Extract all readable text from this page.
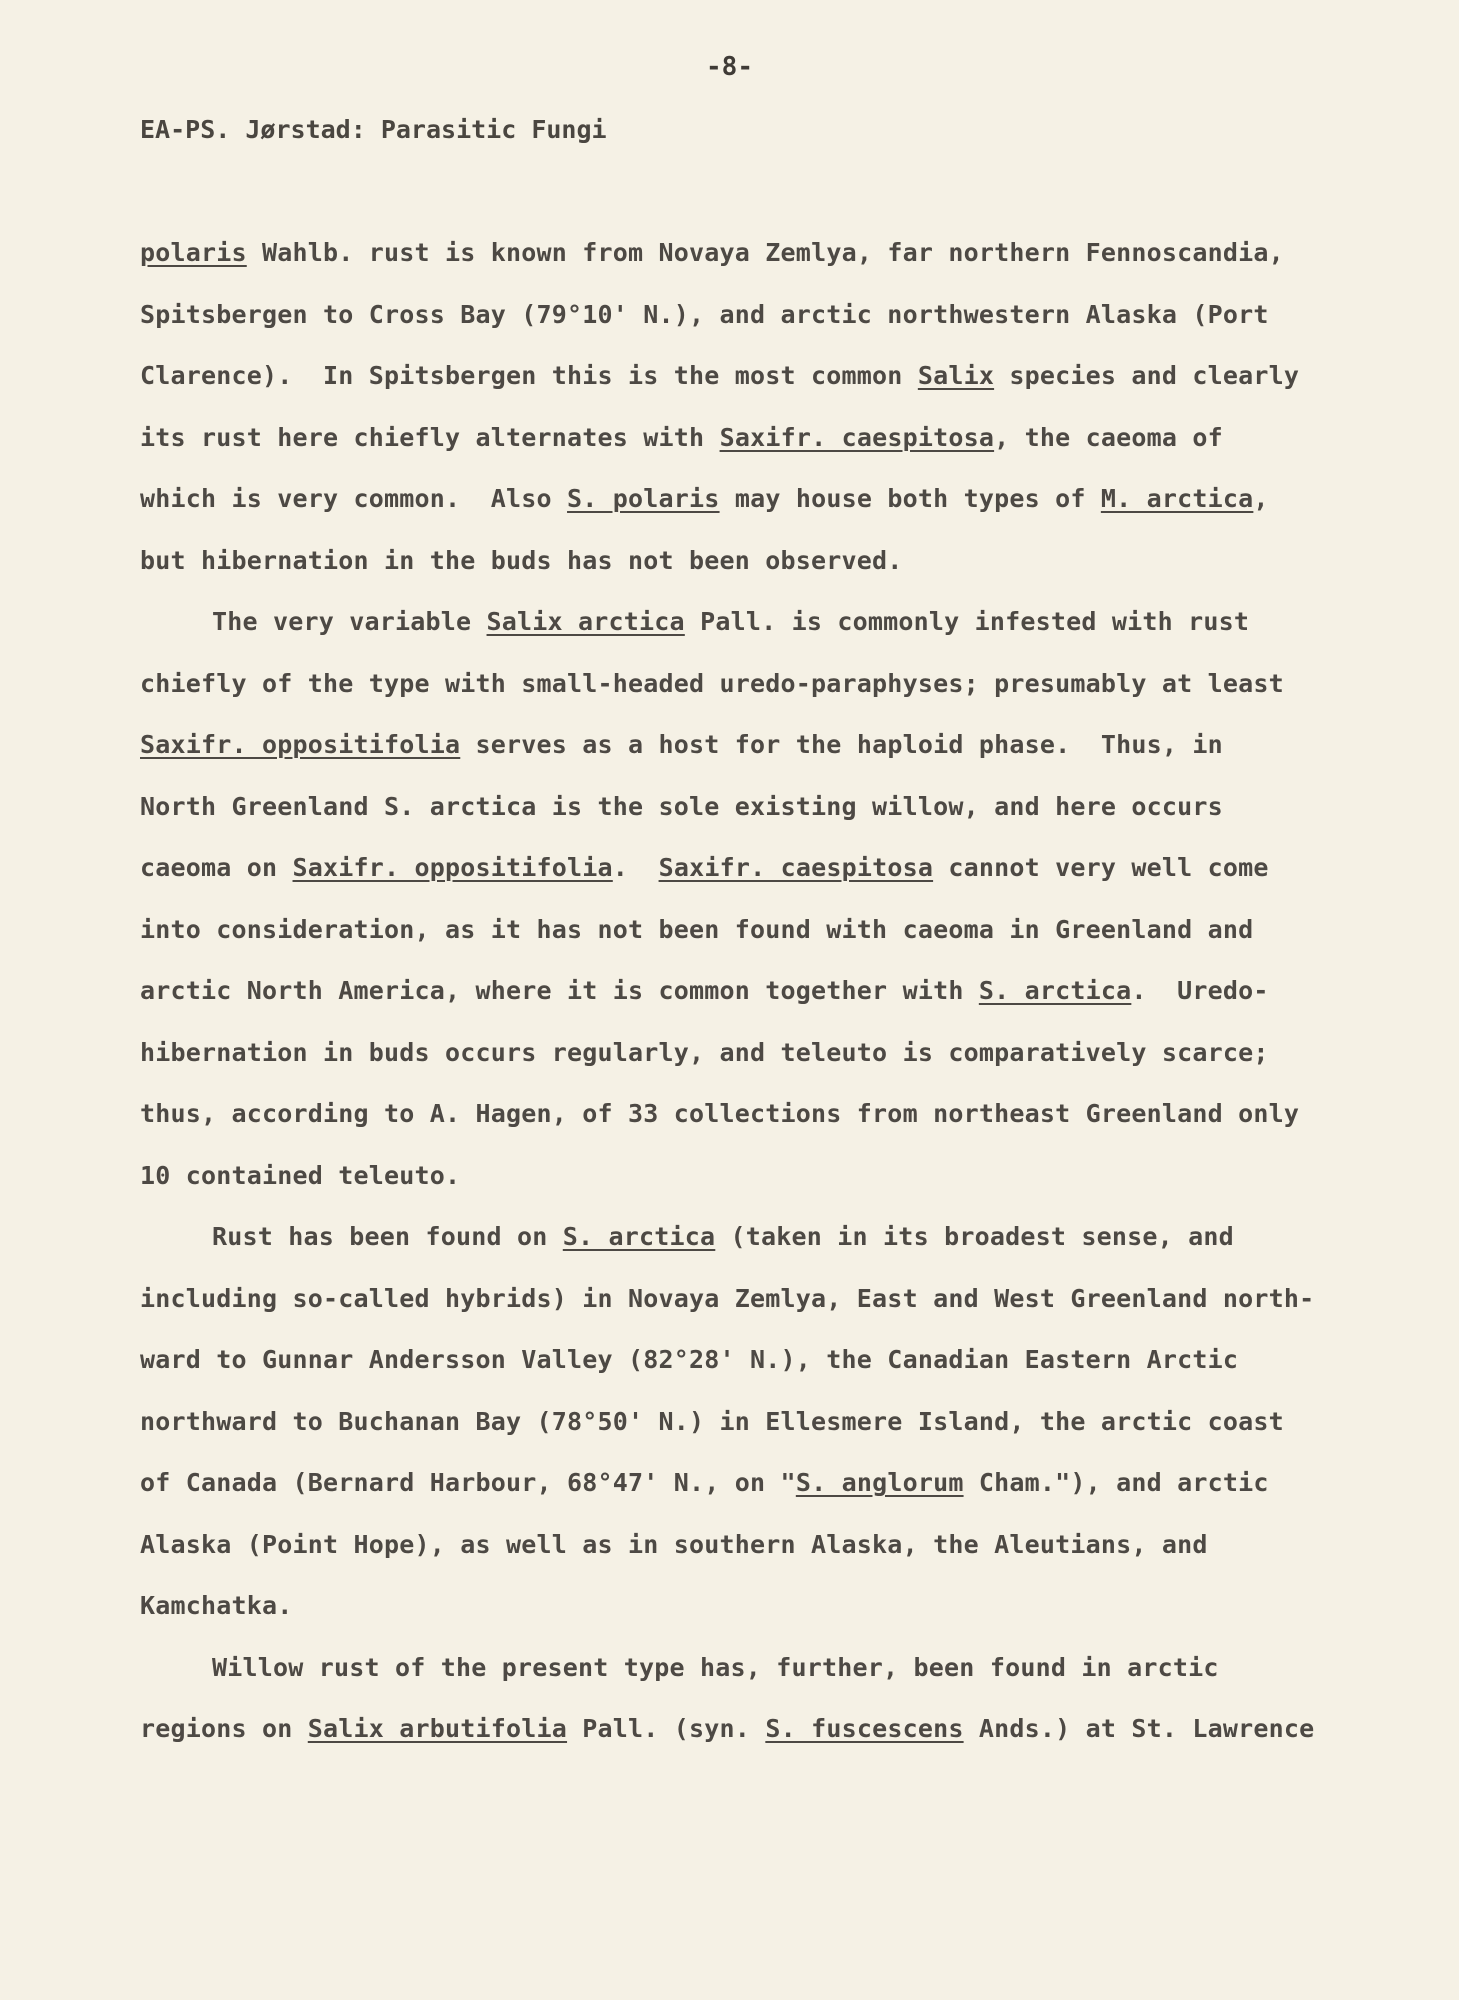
-8-
EA-PS. Jørstad: Parasitic Fungi
polaris Wahlb. rust is known from Novaya Zemlya, far northern Fennoscandia,
Spitsbergen to Cross Bay (79°10' N.), and arctic northwestern Alaska (Port
Clarence).  In Spitsbergen this is the most common Salix species and clearly
its rust here chiefly alternates with Saxifr. caespitosa, the caeoma of
which is very common.  Also S. polaris may house both types of M. arctica,
but hibernation in the buds has not been observed.
The very variable Salix arctica Pall. is commonly infested with rust
chiefly of the type with small-headed uredo-paraphyses; presumably at least
Saxifr. oppositifolia serves as a host for the haploid phase.  Thus, in
North Greenland S. arctica is the sole existing willow, and here occurs
caeoma on Saxifr. oppositifolia.  Saxifr. caespitosa cannot very well come
into consideration, as it has not been found with caeoma in Greenland and
arctic North America, where it is common together with S. arctica.  Uredo-
hibernation in buds occurs regularly, and teleuto is comparatively scarce;
thus, according to A. Hagen, of 33 collections from northeast Greenland only
10 contained teleuto.
Rust has been found on S. arctica (taken in its broadest sense, and
including so-called hybrids) in Novaya Zemlya, East and West Greenland north-
ward to Gunnar Andersson Valley (82°28' N.), the Canadian Eastern Arctic
northward to Buchanan Bay (78°50' N.) in Ellesmere Island, the arctic coast
of Canada (Bernard Harbour, 68°47' N., on "S. anglorum Cham."), and arctic
Alaska (Point Hope), as well as in southern Alaska, the Aleutians, and
Kamchatka.
Willow rust of the present type has, further, been found in arctic
regions on Salix arbutifolia Pall. (syn. S. fuscescens Ands.) at St. Lawrence
